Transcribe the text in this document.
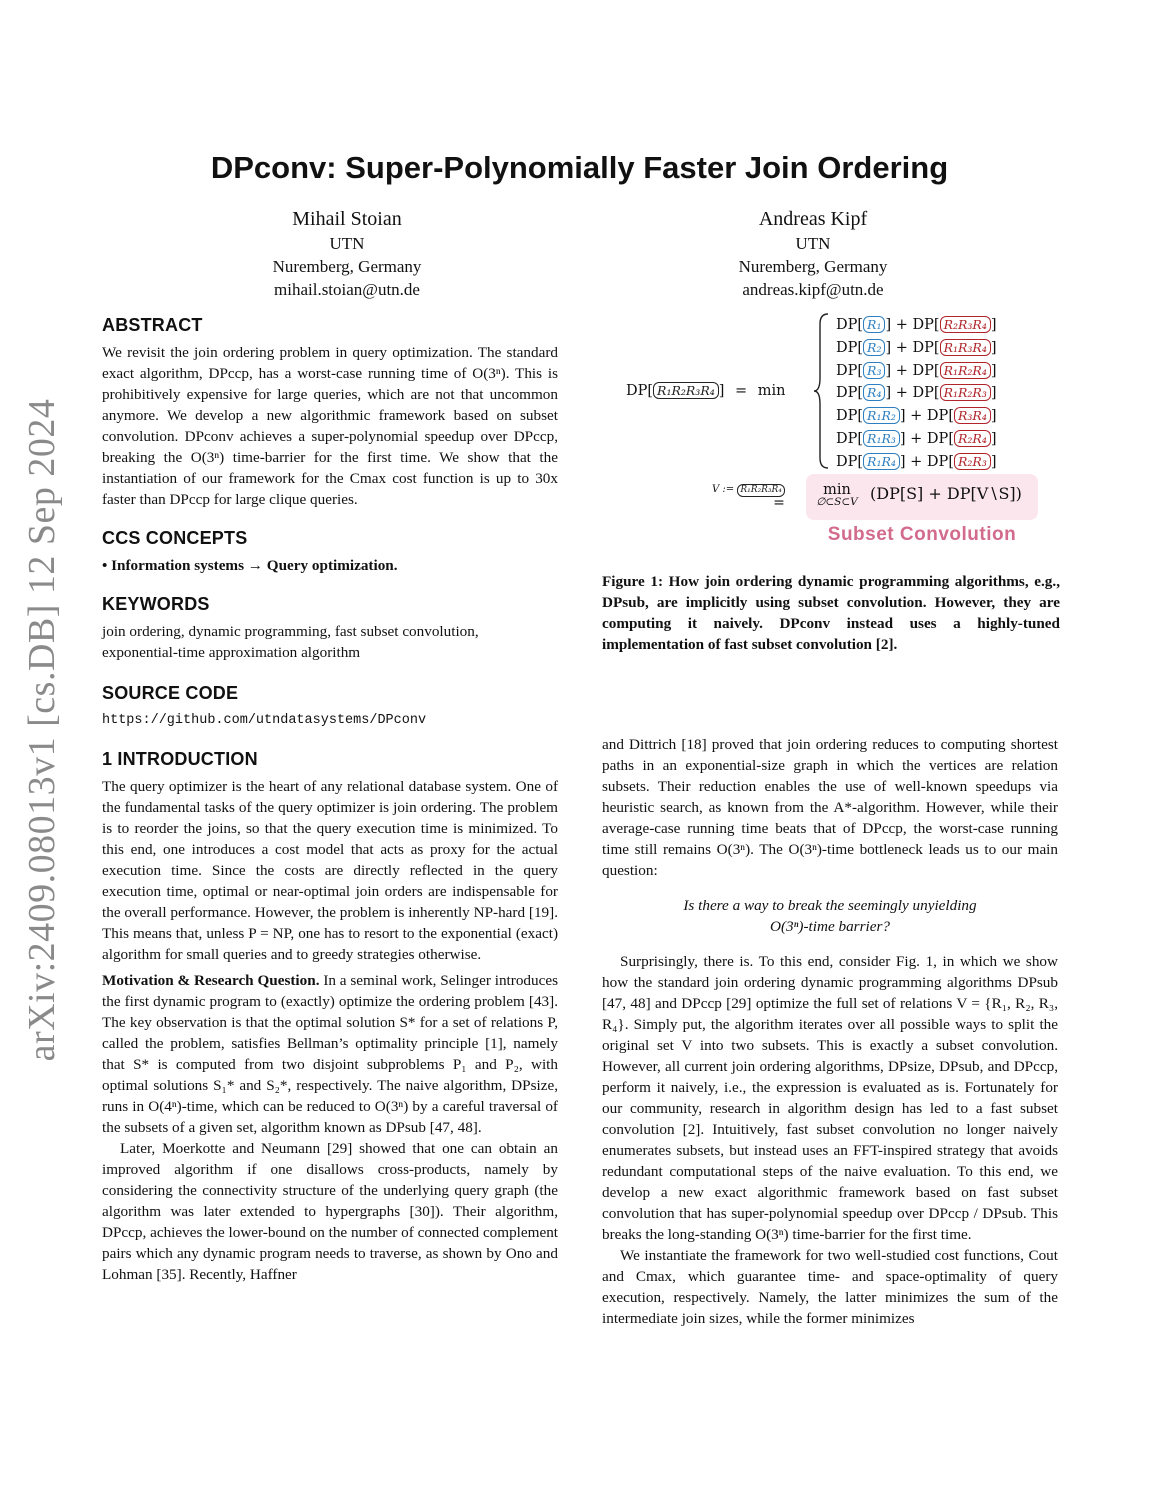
arXiv:2409.08013v1 [cs.DB] 12 Sep 2024
DPconv: Super-Polynomially Faster Join Ordering
Mihail Stoian
UTN
Nuremberg, Germany
mihail.stoian@utn.de
Andreas Kipf
UTN
Nuremberg, Germany
andreas.kipf@utn.de
ABSTRACT

We revisit the join ordering problem in query optimization. The standard exact algorithm, DPccp, has a worst-case running time of O(3ⁿ). This is prohibitively expensive for large queries, which are not that uncommon anymore. We develop a new algorithmic framework based on subset convolution. DPconv achieves a super-polynomial speedup over DPccp, breaking the O(3ⁿ) time-barrier for the first time. We show that the instantiation of our framework for the Cmax cost function is up to 30x faster than DPccp for large clique queries.

CCS CONCEPTS

• Information systems → Query optimization.

KEYWORDS

join ordering, dynamic programming, fast subset convolution, exponential-time approximation algorithm

SOURCE CODE

https://github.com/utndatasystems/DPconv

1 INTRODUCTION

The query optimizer is the heart of any relational database system. One of the fundamental tasks of the query optimizer is join ordering. The problem is to reorder the joins, so that the query execution time is minimized. To this end, one introduces a cost model that acts as proxy for the actual execution time. Since the costs are directly reflected in the query execution time, optimal or near-optimal join orders are indispensable for the overall performance. However, the problem is inherently NP-hard [19]. This means that, unless P = NP, one has to resort to the exponential (exact) algorithm for small queries and to greedy strategies otherwise.

Motivation & Research Question. In a seminal work, Selinger introduces the first dynamic program to (exactly) optimize the ordering problem [43]. The key observation is that the optimal solution S* for a set of relations P, called the problem, satisfies Bellman’s optimality principle [1], namely that S* is computed from two disjoint subproblems P₁ and P₂, with optimal solutions S₁* and S₂*, respectively. The naive algorithm, DPsize, runs in O(4ⁿ)-time, which can be reduced to O(3ⁿ) by a careful traversal of the subsets of a given set, algorithm known as DPsub [47, 48].

Later, Moerkotte and Neumann [29] showed that one can obtain an improved algorithm if one disallows cross-products, namely by considering the connectivity structure of the underlying query graph (the algorithm was later extended to hypergraphs [30]). Their algorithm, DPccp, achieves the lower-bound on the number of connected complement pairs which any dynamic program needs to traverse, as shown by Ono and Lohman [35]. Recently, Haffner

DP[ R₁R₂R₃R₄ ] = min
DP[ R₁ ] + DP[ R₂R₃R₄ ]
DP[ R₂ ] + DP[ R₁R₃R₄ ]
DP[ R₃ ] + DP[ R₁R₂R₄ ]
DP[ R₄ ] + DP[ R₁R₂R₃ ]
DP[ R₁R₂ ] + DP[ R₃R₄ ]
DP[ R₁R₃ ] + DP[ R₂R₄ ]
DP[ R₁R₄ ] + DP[ R₂R₃ ]
V := R₁R₂R₃R₄
=
min
∅⊂S⊂V (DP[S] + DP[V∖S])
Subset Convolution
Figure 1: How join ordering dynamic programming algorithms, e.g., DPsub, are implicitly using subset convolution. However, they are computing it naively. DPconv instead uses a highly-tuned implementation of fast subset convolution [2].

and Dittrich [18] proved that join ordering reduces to computing shortest paths in an exponential-size graph in which the vertices are relation subsets. Their reduction enables the use of well-known speedups via heuristic search, as known from the A*-algorithm. However, while their average-case running time beats that of DPccp, the worst-case running time still remains O(3ⁿ). The O(3ⁿ)-time bottleneck leads us to our main question:

Is there a way to break the seemingly unyielding
O(3ⁿ)-time barrier?

Surprisingly, there is. To this end, consider Fig. 1, in which we show how the standard join ordering dynamic programming algorithms DPsub [47, 48] and DPccp [29] optimize the full set of relations V = {R₁, R₂, R₃, R₄}. Simply put, the algorithm iterates over all possible ways to split the original set V into two subsets. This is exactly a subset convolution. However, all current join ordering algorithms, DPsize, DPsub, and DPccp, perform it naively, i.e., the expression is evaluated as is. Fortunately for our community, research in algorithm design has led to a fast subset convolution [2]. Intuitively, fast subset convolution no longer naively enumerates subsets, but instead uses an FFT-inspired strategy that avoids redundant computational steps of the naive evaluation. To this end, we develop a new exact algorithmic framework based on fast subset convolution that has super-polynomial speedup over DPccp / DPsub. This breaks the long-standing O(3ⁿ) time-barrier for the first time.

We instantiate the framework for two well-studied cost functions, Cout and Cmax, which guarantee time- and space-optimality of query execution, respectively. Namely, the latter minimizes the sum of the intermediate join sizes, while the former minimizes
